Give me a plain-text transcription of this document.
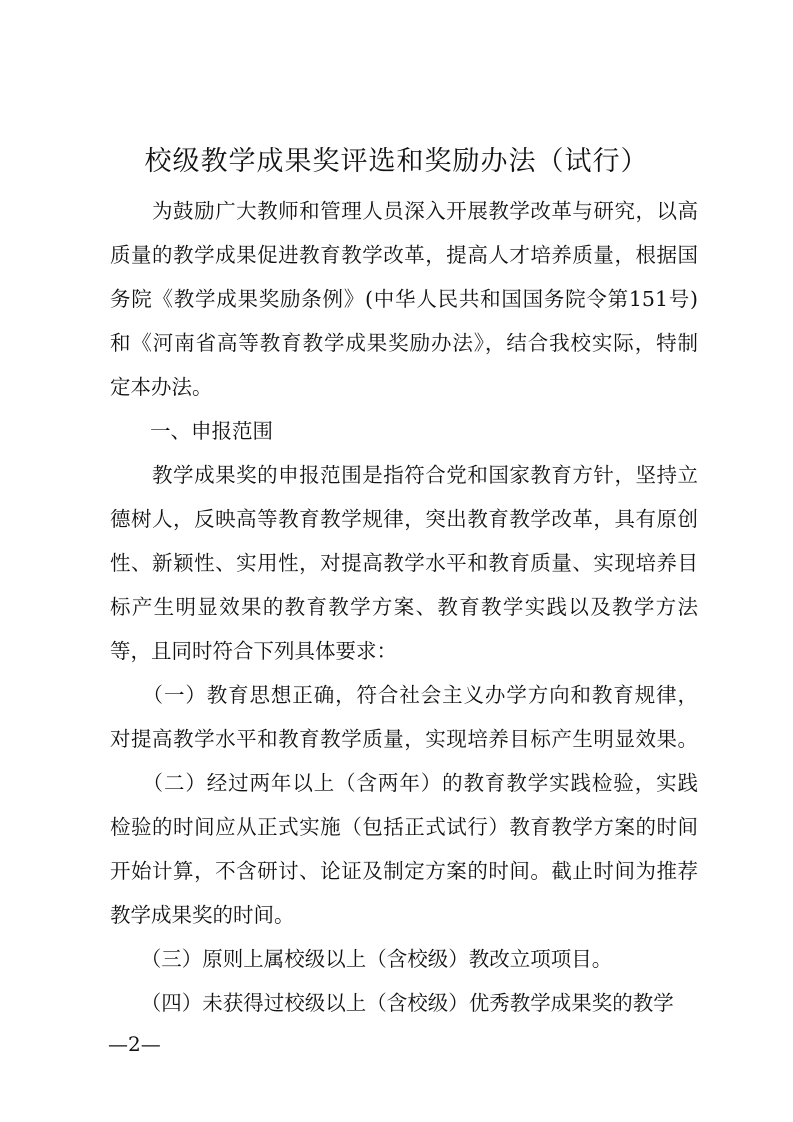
校级教学成果奖评选和奖励办法（试行）
　　为鼓励广大教师和管理人员深入开展教学改革与研究，以高
质量的教学成果促进教育教学改革，提高人才培养质量，根据国
务院《教学成果奖励条例》(中华人民共和国国务院令第151号)
和《河南省高等教育教学成果奖励办法》，结合我校实际，特制
定本办法。
一、申报范围
　　教学成果奖的申报范围是指符合党和国家教育方针，坚持立
德树人，反映高等教育教学规律，突出教育教学改革，具有原创
性、新颖性、实用性，对提高教学水平和教育质量、实现培养目
标产生明显效果的教育教学方案、教育教学实践以及教学方法
等，且同时符合下列具体要求：
　　（一）教育思想正确，符合社会主义办学方向和教育规律，
对提高教学水平和教育教学质量，实现培养目标产生明显效果。
　　（二）经过两年以上（含两年）的教育教学实践检验，实践
检验的时间应从正式实施（包括正式试行）教育教学方案的时间
开始计算，不含研讨、论证及制定方案的时间。截止时间为推荐
教学成果奖的时间。
　　（三）原则上属校级以上（含校级）教改立项项目。
　　（四）未获得过校级以上（含校级）优秀教学成果奖的教学
—2—
